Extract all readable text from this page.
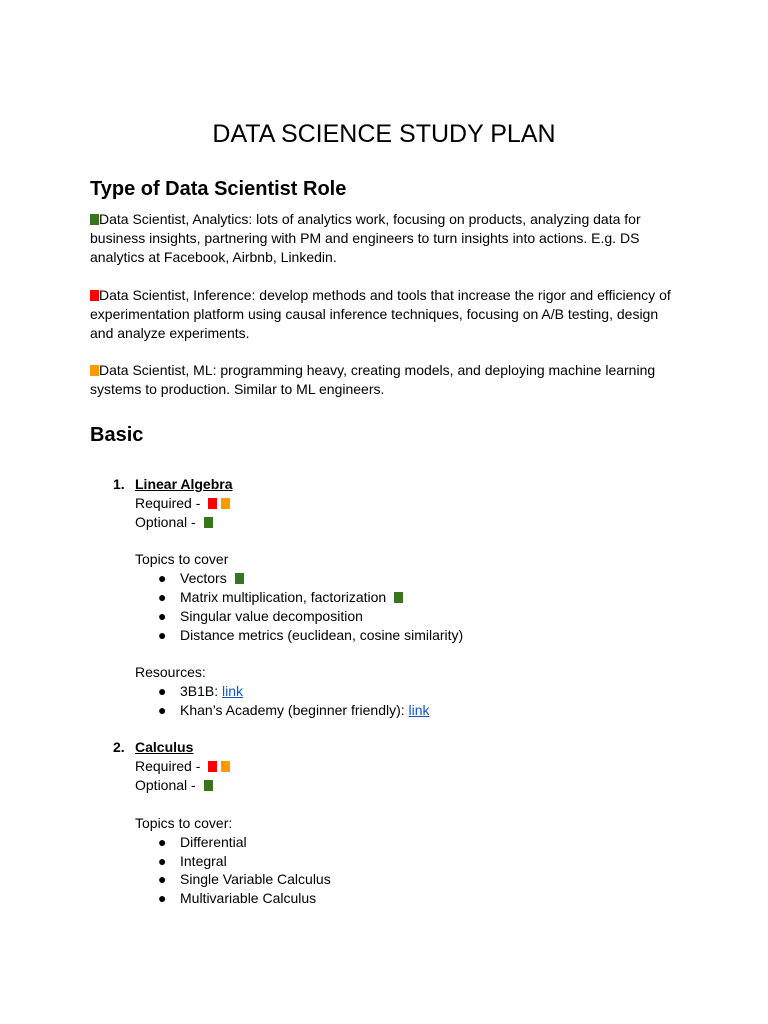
DATA SCIENCE STUDY PLAN
Type of Data Scientist Role
Data Scientist, Analytics: lots of analytics work, focusing on products, analyzing data for
business insights, partnering with PM and engineers to turn insights into actions. E.g. DS
analytics at Facebook, Airbnb, Linkedin.
Data Scientist, Inference: develop methods and tools that increase the rigor and efficiency of
experimentation platform using causal inference techniques, focusing on A/B testing, design
and analyze experiments.
Data Scientist, ML: programming heavy, creating models, and deploying machine learning
systems to production. Similar to ML engineers.
Basic
1. Linear Algebra
Required -
Optional -
Topics to cover
● Vectors
● Matrix multiplication, factorization
● Singular value decomposition
● Distance metrics (euclidean, cosine similarity)
Resources:
● 3B1B: link
● Khan’s Academy (beginner friendly): link
2. Calculus
Required -
Optional -
Topics to cover:
● Differential
● Integral
● Single Variable Calculus
● Multivariable Calculus
